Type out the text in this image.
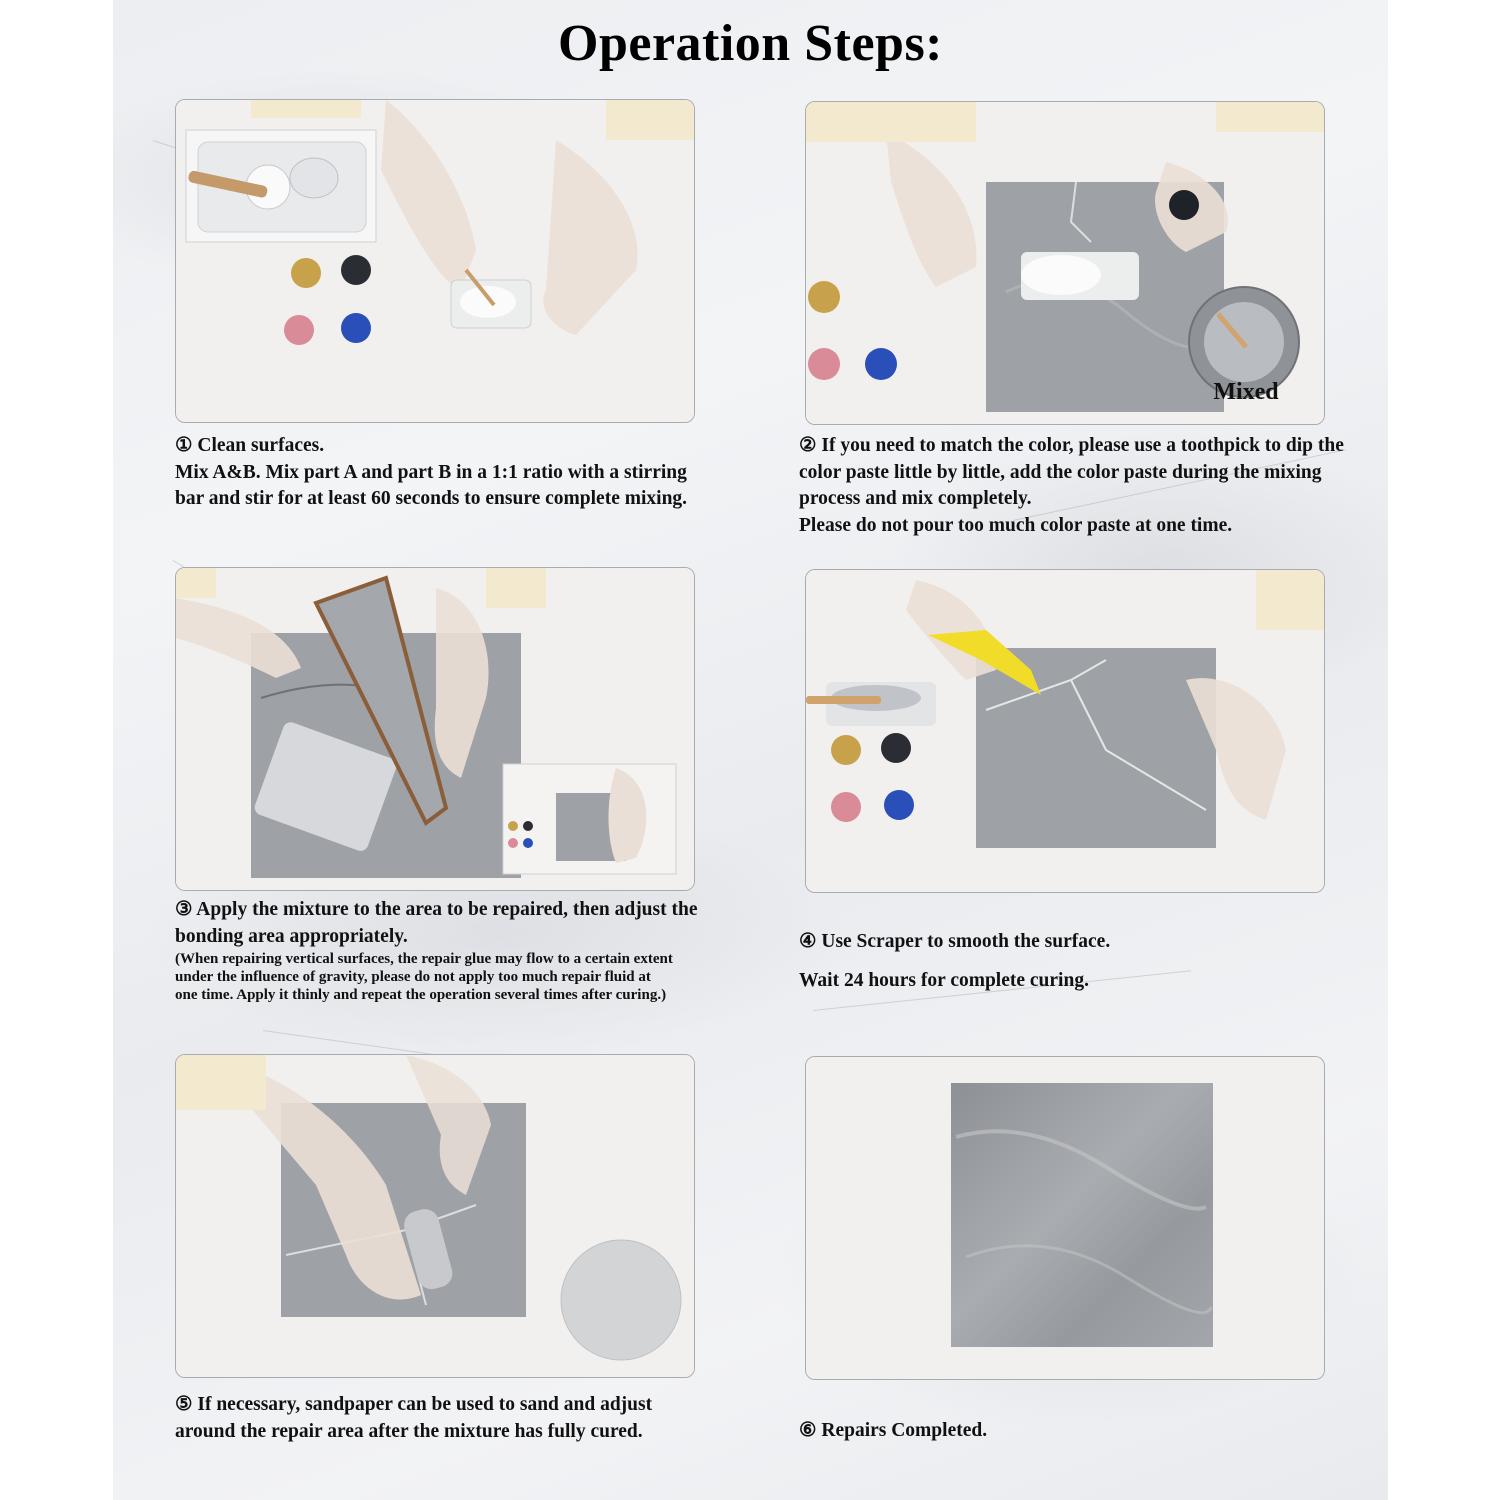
Operation Steps:
Mixed

① Clean surfaces.

Mix A&B. Mix part A and part B in a 1:1 ratio with a stirring bar and stir for at least 60 seconds to ensure complete mixing.

② If you need to match the color, please use a toothpick to dip the color paste little by little, add the color paste during the mixing process and mix completely.

Please do not pour too much color paste at one time.

③ Apply the mixture to the area to be repaired, then adjust the bonding area appropriately.

(When repairing vertical surfaces, the repair glue may flow to a certain extent under the influence of gravity, please do not apply too much repair fluid at one time. Apply it thinly and repeat the operation several times after curing.)

④ Use Scraper to smooth the surface.

Wait 24 hours for complete curing.

⑤ If necessary, sandpaper can be used to sand and adjust around the repair area after the mixture has fully cured.	⑥ Repairs Completed.
